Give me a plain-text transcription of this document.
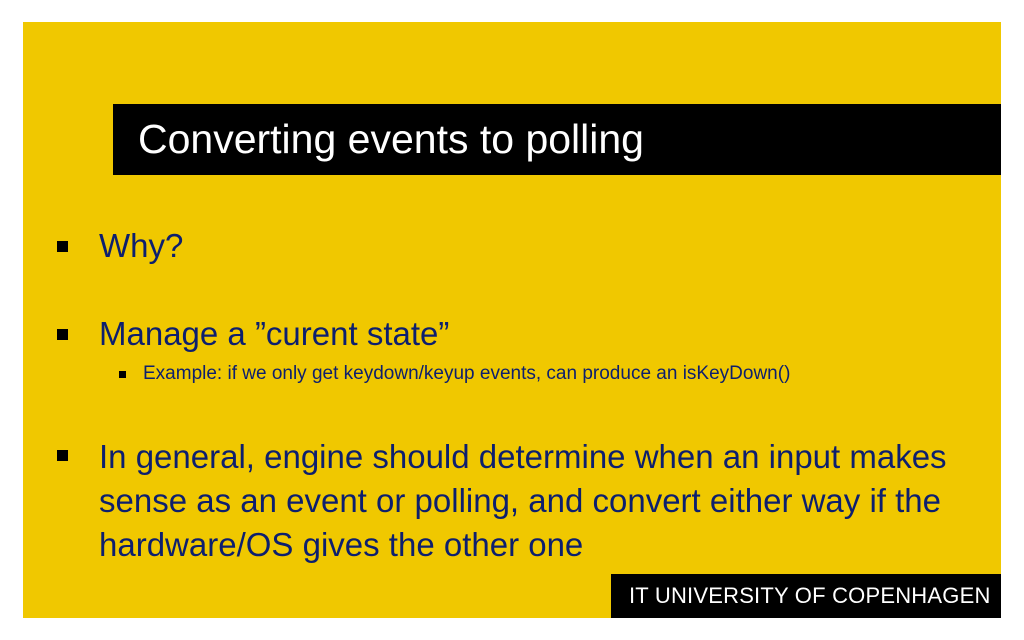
Converting events to polling
Why?
Manage a ”curent state”
Example: if we only get keydown/keyup events, can produce an isKeyDown()
In general, engine should determine when an input makes
sense as an event or polling, and convert either way if the
hardware/OS gives the other one
IT UNIVERSITY OF COPENHAGEN
